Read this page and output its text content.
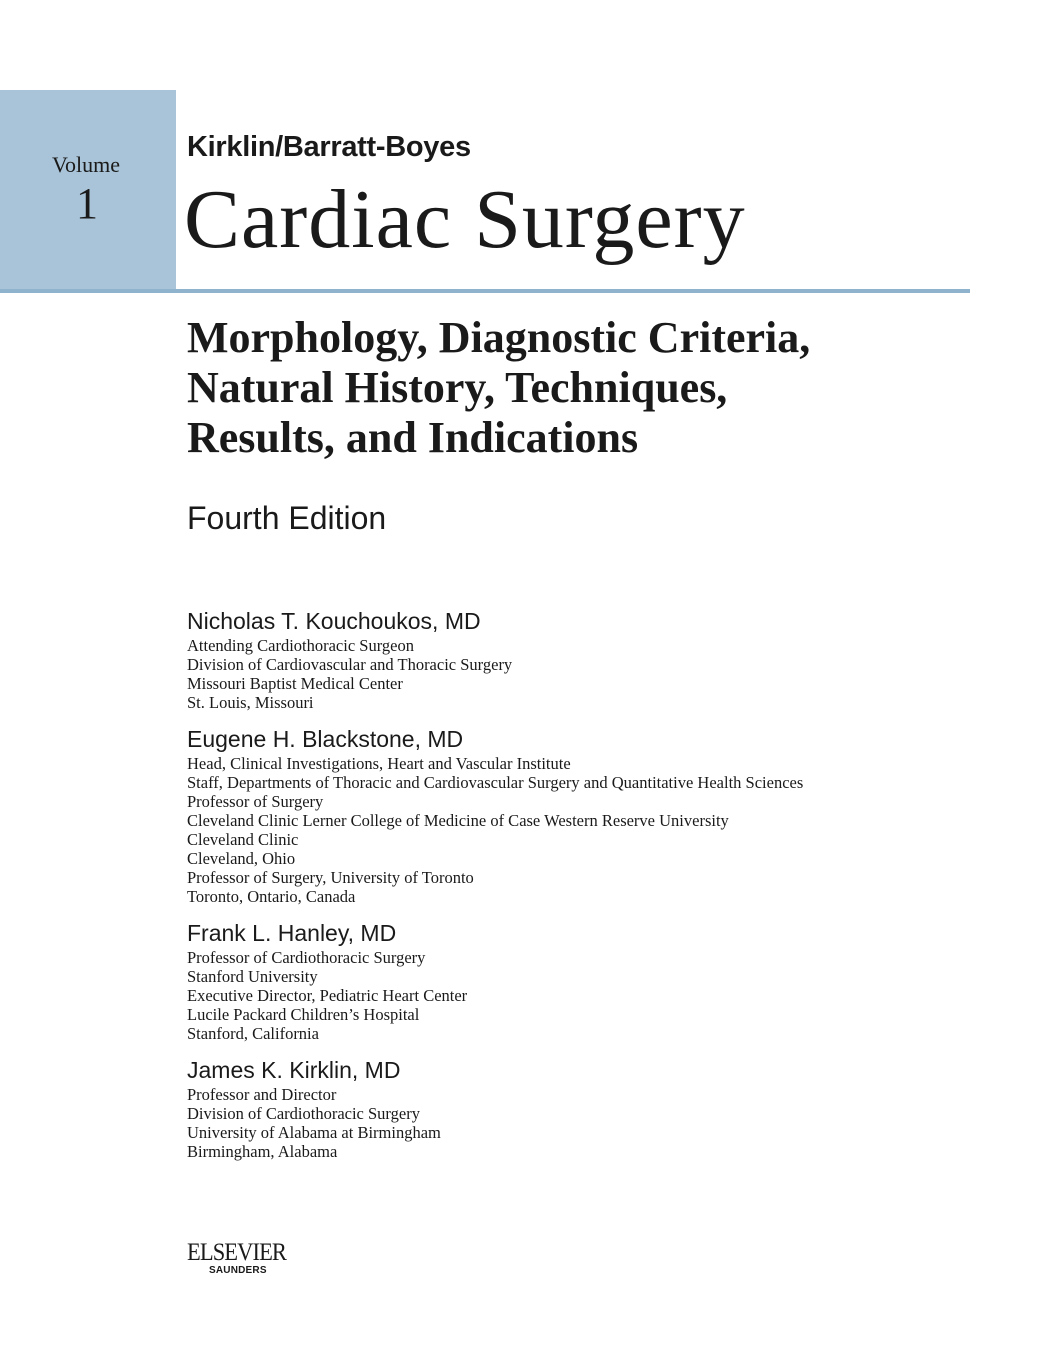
Volume
1
Kirklin/Barratt-Boyes
Cardiac Surgery
Morphology, Diagnostic Criteria,
Natural History, Techniques,
Results, and Indications
Fourth Edition
Nicholas T. Kouchoukos, MD
Attending Cardiothoracic Surgeon
Division of Cardiovascular and Thoracic Surgery
Missouri Baptist Medical Center
St. Louis, Missouri
Eugene H. Blackstone, MD
Head, Clinical Investigations, Heart and Vascular Institute
Staff, Departments of Thoracic and Cardiovascular Surgery and Quantitative Health Sciences
Professor of Surgery
Cleveland Clinic Lerner College of Medicine of Case Western Reserve University
Cleveland Clinic
Cleveland, Ohio
Professor of Surgery, University of Toronto
Toronto, Ontario, Canada
Frank L. Hanley, MD
Professor of Cardiothoracic Surgery
Stanford University
Executive Director, Pediatric Heart Center
Lucile Packard Children’s Hospital
Stanford, California
James K. Kirklin, MD
Professor and Director
Division of Cardiothoracic Surgery
University of Alabama at Birmingham
Birmingham, Alabama
ELSEVIER
SAUNDERS
